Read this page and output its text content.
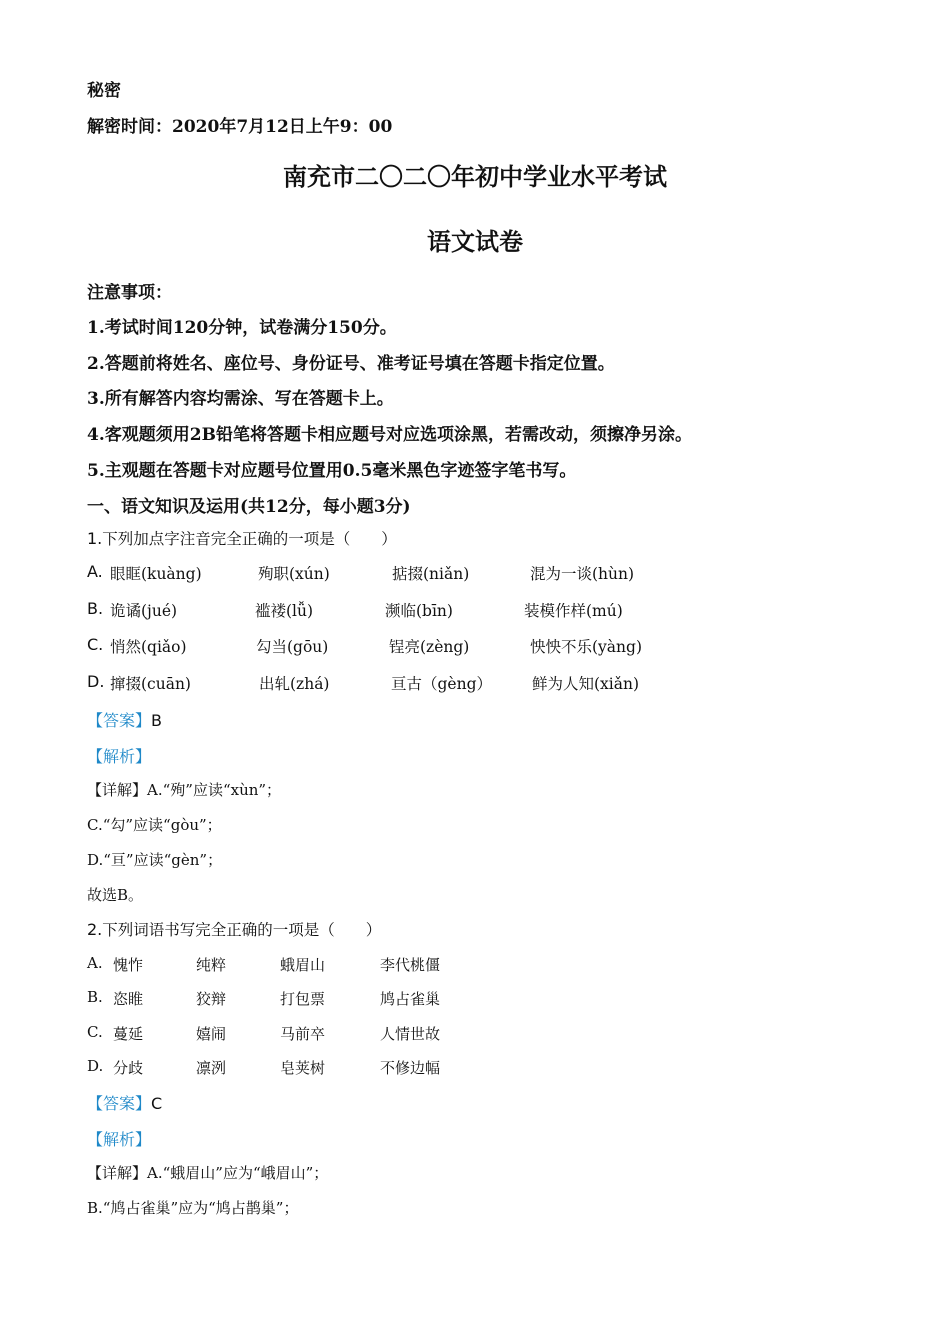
秘密
解密时间：2020年7月12日上午9：00
南充市二〇二〇年初中学业水平考试
语文试卷
注意事项：
1.考试时间120分钟，试卷满分150分。
2.答题前将姓名、座位号、身份证号、准考证号填在答题卡指定位置。
3.所有解答内容均需涂、写在答题卡上。
4.客观题须用2B铅笔将答题卡相应题号对应选项涂黑，若需改动，须擦净另涂。
5.主观题在答题卡对应题号位置用0.5毫米黑色字迹签字笔书写。
一、语文知识及运用(共12分，每小题3分)
1.下列加点字注音完全正确的一项是（　　）
A. 眼眶(kuàng)	殉职(xún)	掂掇(niǎn)	混为一谈(hùn)
B. 诡谲(jué)	褴褛(lǚ)	濒临(bīn)	装模作样(mú)
C. 悄然(qiǎo)	勾当(gōu)	锃亮(zèng)	怏怏不乐(yàng)
D. 撺掇(cuān)	出轧(zhá)	亘古（gèng）	鲜为人知(xiǎn)
【答案】B
【解析】
【详解】A.“殉”应读“xùn”；
C.“勾”应读“gòu”；
D.“亘”应读“gèn”；
故选B。
2.下列词语书写完全正确的一项是（　　）
A. 愧怍	纯粹	蛾眉山	李代桃僵
B. 恣睢	狡辩	打包票	鸠占雀巢
C. 蔓延	嬉闹	马前卒	人情世故
D. 分歧	凛洌	皂荚树	不修边幅
【答案】C
【解析】
【详解】A.“蛾眉山”应为“峨眉山”；
B.“鸠占雀巢”应为“鸠占鹊巢”；
